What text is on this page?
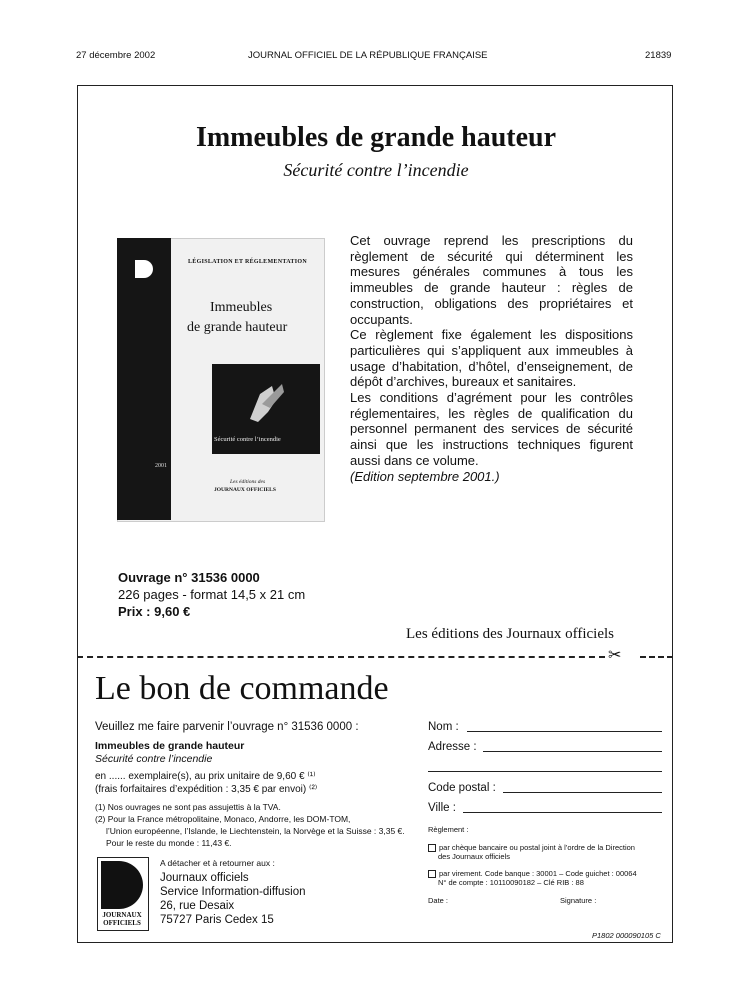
27 décembre 2002	JOURNAL OFFICIEL DE LA RÉPUBLIQUE FRANÇAISE	21839
Immeubles de grande hauteur
Sécurité contre l’incendie
LÉGISLATION ET RÉGLEMENTATION
Immeubles
de grande hauteur
Sécurité contre l’incendie
2001
Les éditions des
JOURNAUX OFFICIELS

Cet ouvrage reprend les prescriptions du règlement de sécurité qui déterminent les mesures générales communes à tous les immeubles de grande hauteur : règles de construction, obligations des propriétaires et occupants.

Ce règlement fixe également les dispositions particulières qui s’appliquent aux immeubles à usage d’habitation, d’hôtel, d’enseignement, de dépôt d’archives, bureaux et sanitaires.

Les conditions d’agrément pour les contrôles réglementaires, les règles de qualification du personnel permanent des services de sécurité ainsi que les instructions techniques figurent aussi dans ce volume.

(Edition septembre 2001.)

Ouvrage n° 31536 0000
226 pages - format 14,5 x 21 cm
Prix : 9,60 €
Les éditions des Journaux officiels
✂
Le bon de commande
Veuillez me faire parvenir l’ouvrage n° 31536 0000 :
Immeubles de grande hauteur
Sécurité contre l’incendie
en ...... exemplaire(s), au prix unitaire de 9,60 € ⁽¹⁾
(frais forfaitaires d’expédition : 3,35 € par envoi) ⁽²⁾
(1) Nos ouvrages ne sont pas assujettis à la TVA.
(2) Pour la France métropolitaine, Monaco, Andorre, les DOM-TOM,
l’Union européenne, l’Islande, le Liechtenstein, la Norvège et la Suisse : 3,35 €.
Pour le reste du monde : 11,43 €.
A détacher et à retourner aux :
Journaux officiels
Service Information-diffusion
26, rue Desaix
75727 Paris Cedex 15
JOURNAUX
OFFICIELS
Nom :
Adresse :
Code postal :
Ville :
Règlement :
par chèque bancaire ou postal joint à l’ordre de la Direction
des Journaux officiels
par virement. Code banque : 30001 – Code guichet : 00064
N° de compte : 10110090182 – Clé RIB : 88
Date :	Signature :
P1802 000090105 C
